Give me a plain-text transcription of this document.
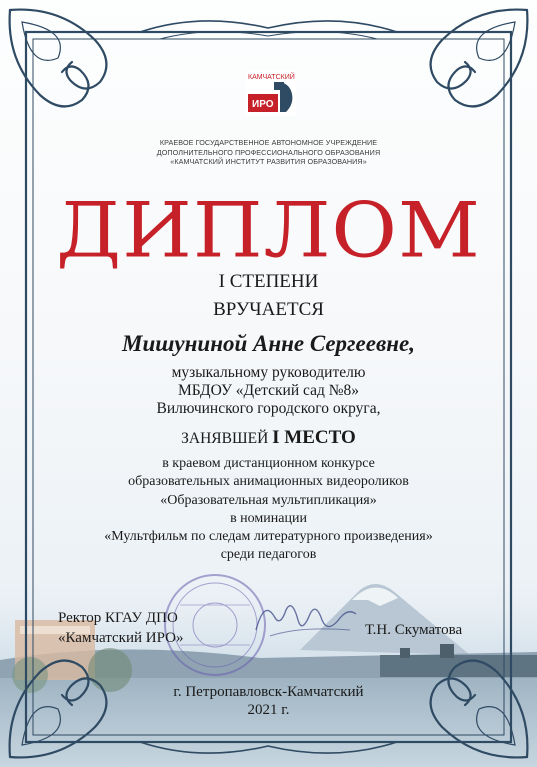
КАМЧАТСКИЙ
ИРО
КРАЕВОЕ ГОСУДАРСТВЕННОЕ АВТОНОМНОЕ УЧРЕЖДЕНИЕ
ДОПОЛНИТЕЛЬНОГО ПРОФЕССИОНАЛЬНОГО ОБРАЗОВАНИЯ
«КАМЧАТСКИЙ ИНСТИТУТ РАЗВИТИЯ ОБРАЗОВАНИЯ»
ДИПЛОМ
I СТЕПЕНИ
ВРУЧАЕТСЯ
Мишуниной Анне Сергеевне,
музыкальному руководителю
МБДОУ «Детский сад №8»
Вилючинского городского округа,
ЗАНЯВШЕЙ I МЕСТО
в краевом дистанционном конкурсе
образовательных анимационных видеороликов
«Образовательная мультипликация»
в номинации
«Мультфильм по следам литературного произведения»
среди педагогов
Ректор КГАУ ДПО
«Камчатский ИРО»	Т.Н. Скуматова
г. Петропавловск-Камчатский
2021 г.
